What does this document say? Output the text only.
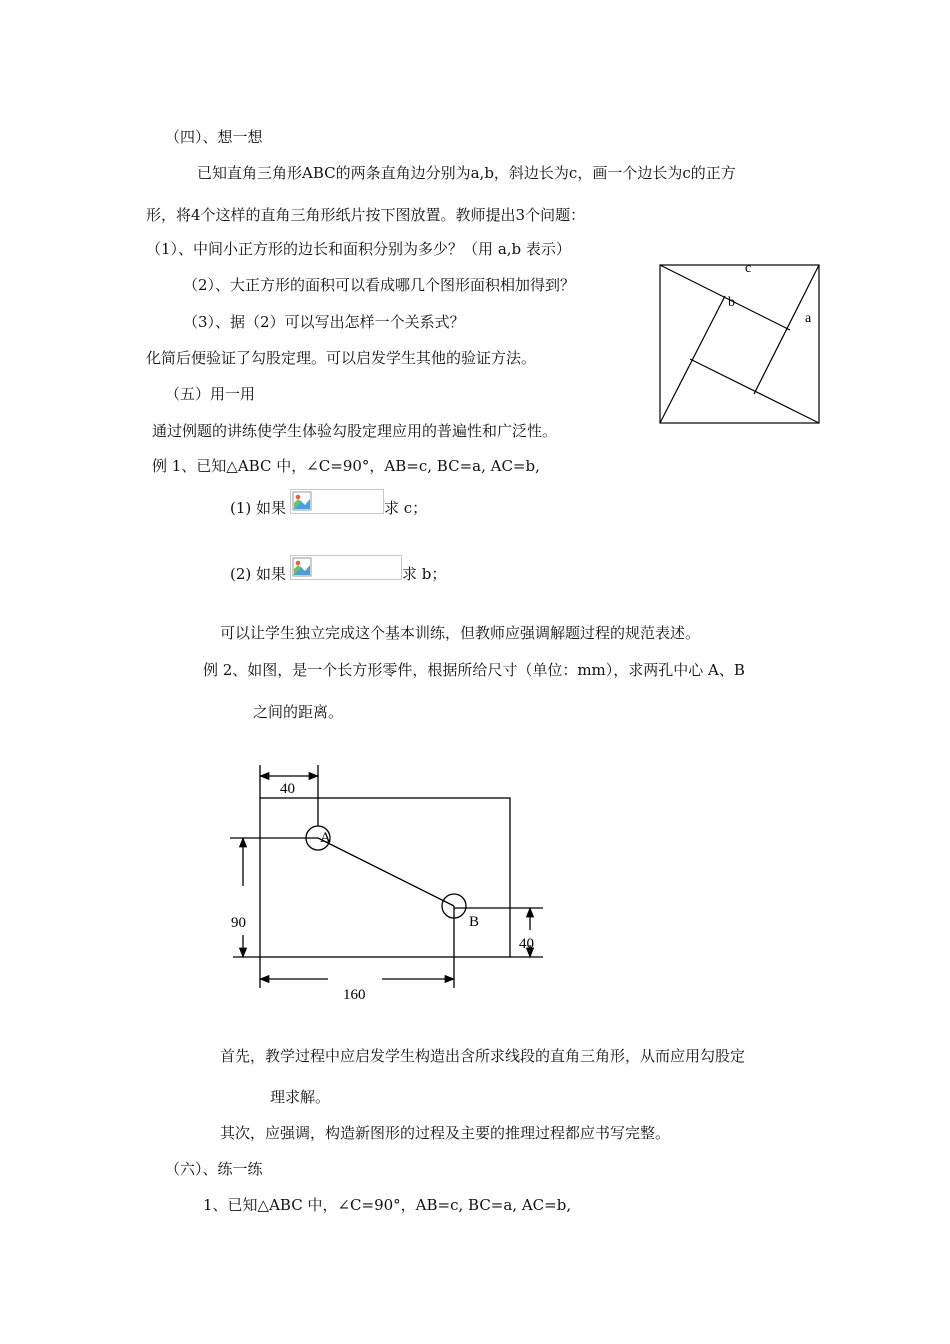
（四）、想一想
已知直角三角形ABC的两条直角边分别为a,b，斜边长为c，画一个边长为c的正方
形，将4个这样的直角三角形纸片按下图放置。教师提出3个问题：
（1）、中间小正方形的边长和面积分别为多少？（用 a,b 表示）
（2）、大正方形的面积可以看成哪几个图形面积相加得到？
（3）、据（2）可以写出怎样一个关系式？
化简后便验证了勾股定理。可以启发学生其他的验证方法。
c
b
a
（五）用一用
通过例题的讲练使学生体验勾股定理应用的普遍性和广泛性。
例 1、已知△ABC 中，∠C=90°，AB=c, BC=a, AC=b,
(1) 如果	求 c；
(2) 如果	求 b；
可以让学生独立完成这个基本训练，但教师应强调解题过程的规范表述。
例 2、如图，是一个长方形零件，根据所给尺寸（单位：mm），求两孔中心 A、B
之间的距离。
40
90
40
160
A
B
首先，教学过程中应启发学生构造出含所求线段的直角三角形，从而应用勾股定
理求解。
其次，应强调，构造新图形的过程及主要的推理过程都应书写完整。
（六）、练一练
1、已知△ABC 中，∠C=90°，AB=c, BC=a, AC=b,
